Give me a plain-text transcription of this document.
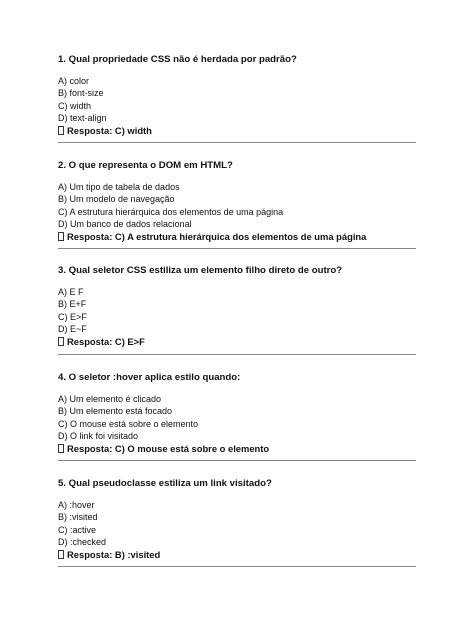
1. Qual propriedade CSS não é herdada por padrão?
A) color
B) font-size
C) width
D) text-align
Resposta: C) width
2. O que representa o DOM em HTML?
A) Um tipo de tabela de dados
B) Um modelo de navegação
C) A estrutura hierárquica dos elementos de uma página
D) Um banco de dados relacional
Resposta: C) A estrutura hierárquica dos elementos de uma página
3. Qual seletor CSS estiliza um elemento filho direto de outro?
A) E F
B) E+F
C) E>F
D) E~F
Resposta: C) E>F
4. O seletor :hover aplica estilo quando:
A) Um elemento é clicado
B) Um elemento está focado
C) O mouse está sobre o elemento
D) O link foi visitado
Resposta: C) O mouse está sobre o elemento
5. Qual pseudoclasse estiliza um link visitado?
A) :hover
B) :visited
C) :active
D) :checked
Resposta: B) :visited
